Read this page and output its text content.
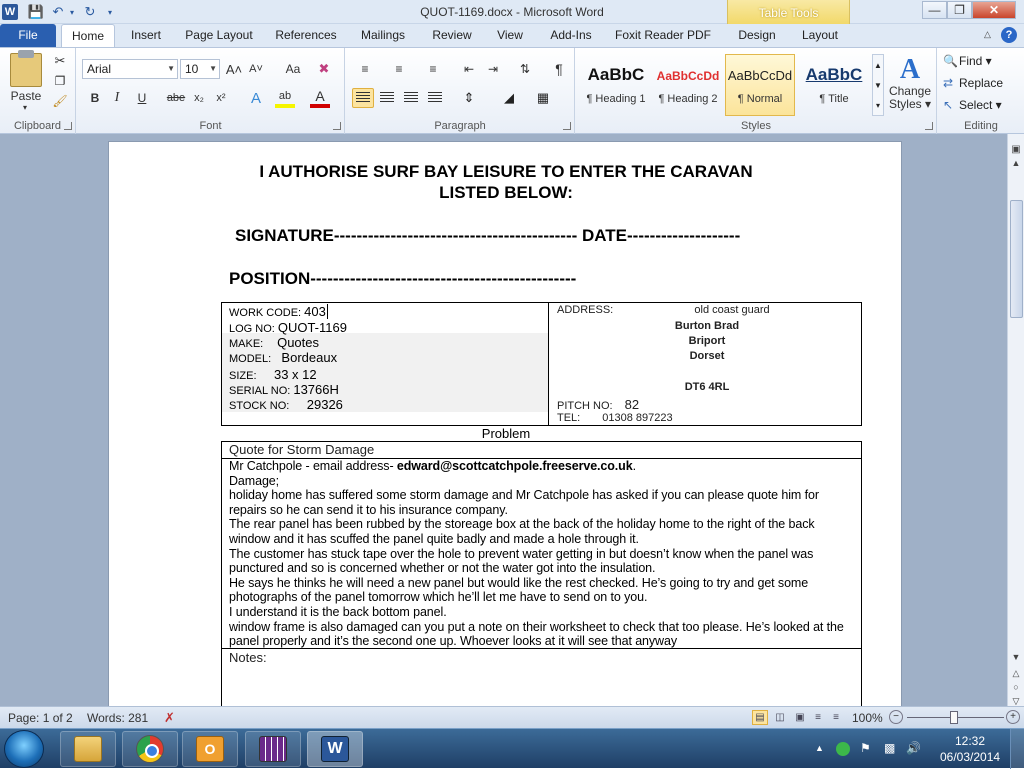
W 💾 ↶ ▾ ↻	▾	QUOT-1169.docx - Microsoft Word	Table Tools	— ❐ ✕
File	Home	Insert	Page Layout	References	Mailings	Review	View	Add-Ins	Foxit Reader PDF	Design	Layout	△	?
Clipboard	Font	Paragraph	Styles	Editing
Paste
▾
✂
❐
🖌
Arial	▼ 10 ▼ A˄ A˅	Aa	✖
B	I	U	abe x₂	x²	A	ab	A
≡	≡	≡	⇤	⇥	⇅	¶
⇕	◢	▦
AaBbC
¶ Heading 1
AaBbCcDd
¶ Heading 2
AaBbCcDd
¶ Normal
AaBbC
¶ Title
▲
▼
▾
A
Change
Styles ▾
🔍 Find ▾
⇄ Replace
↖ Select ▾
I AUTHORISE SURF BAY LEISURE TO ENTER THE CARAVAN
LISTED BELOW:
SIGNATURE------------------------------------------- DATE--------------------
POSITION-----------------------------------------------
WORK CODE: 403
LOG NO: QUOT-1169
MAKE: Quotes
MODEL: Bordeaux
SIZE: 33 x 12
SERIAL NO: 13766H
STOCK NO: 29326
ADDRESS:	old coast guard
Burton Brad
Briport
Dorset
DT6 4RL
PITCH NO: 82
TEL: 01308 897223
Problem
Quote for Storm Damage

Mr Catchpole - email address- edward@scottcatchpole.freeserve.co.uk.

Damage;

holiday home has suffered some storm damage and Mr Catchpole has asked if you can please quote him for repairs so he can send it to his insurance company.

The rear panel has been rubbed by the storeage box at the back of the holiday home to the right of the back window and it has scuffed the panel quite badly and made a hole through it.

The customer has stuck tape over the hole to prevent water getting in but doesn’t know when the panel was punctured and so is concerned whether or not the water got into the insulation.

He says he thinks he will need a new panel but would like the rest checked. He’s going to try and get some photographs of the panel tomorrow which he’ll let me have to send on to you.

I understand it is the back bottom panel.

window frame is also damaged can you put a note on their worksheet to check that too please. He’s looked at the panel properly and it’s the second one up. Whoever looks at it will see that anyway

Notes:
▣
▲
▼
△
○
▽
Page: 1 of 2 Words: 281 ✗	▤	◫	▣	≡	≡	100%	−	+
O	W	▲	⚑ ▩ 🔊	12:32
06/03/2014
